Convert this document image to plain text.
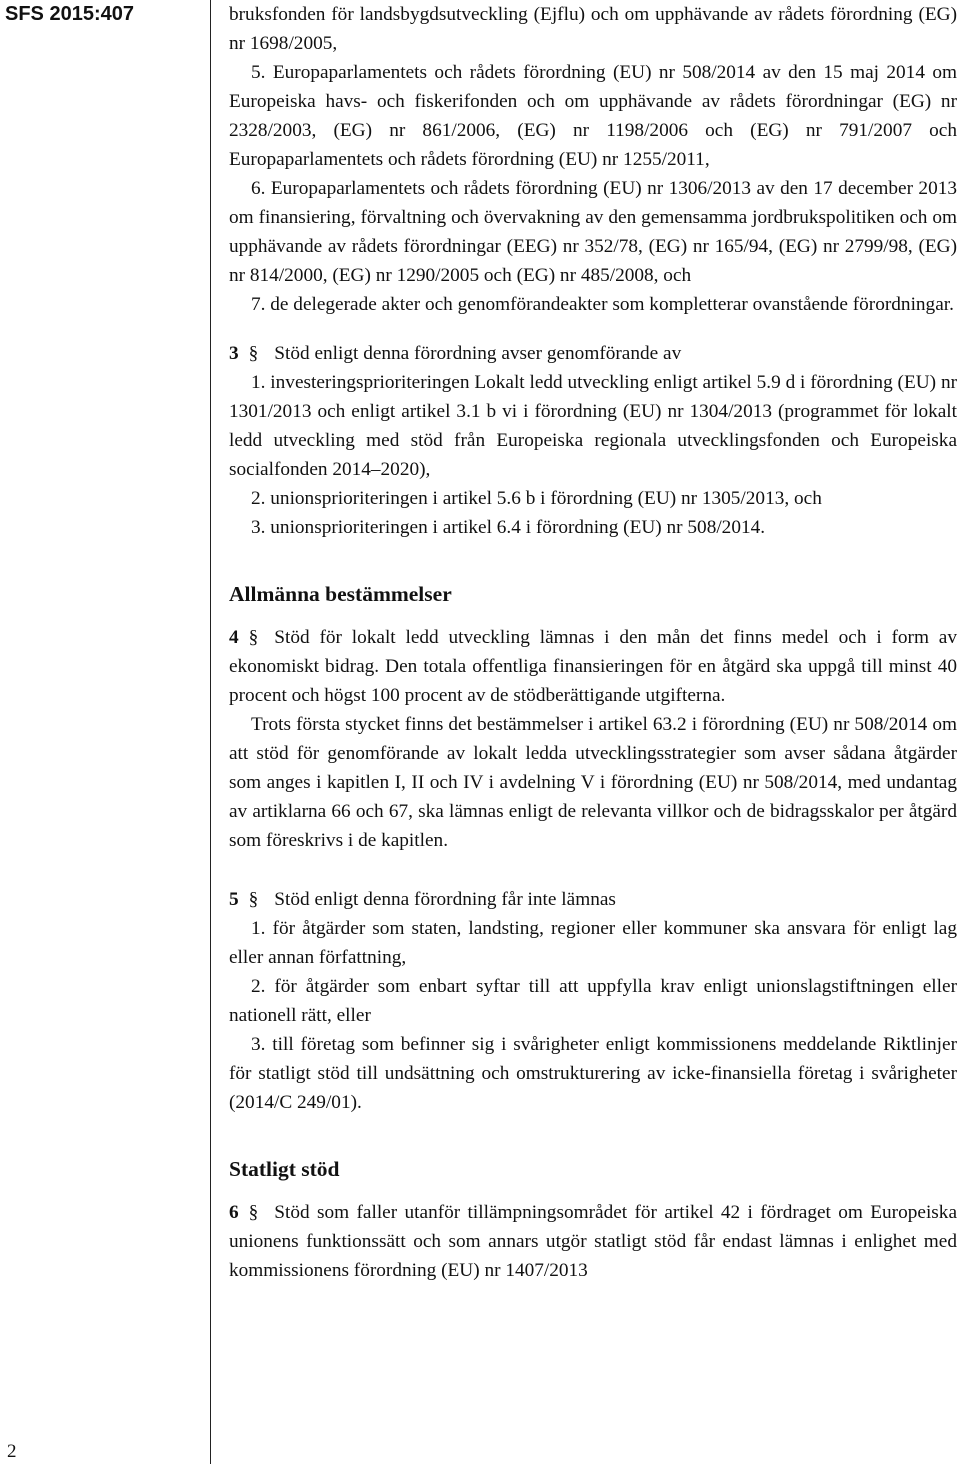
SFS 2015:407
2

bruksfonden för landsbygdsutveckling (Ejflu) och om upphävande av rådets förordning (EG) nr 1698/2005,

5. Europaparlamentets och rådets förordning (EU) nr 508/2014 av den 15 maj 2014 om Europeiska havs- och fiskerifonden och om upphävande av rådets förordningar (EG) nr 2328/2003, (EG) nr 861/2006, (EG) nr 1198/2006 och (EG) nr 791/2007 och Europaparlamentets och rådets förordning (EU) nr 1255/2011,

6. Europaparlamentets och rådets förordning (EU) nr 1306/2013 av den 17 december 2013 om finansiering, förvaltning och övervakning av den gemensamma jordbrukspolitiken och om upphävande av rådets förordningar (EEG) nr 352/78, (EG) nr 165/94, (EG) nr 2799/98, (EG) nr 814/2000, (EG) nr 1290/2005 och (EG) nr 485/2008, och

7. de delegerade akter och genomförandeakter som kompletterar ovanstående förordningar.

3 § Stöd enligt denna förordning avser genomförande av

1. investeringsprioriteringen Lokalt ledd utveckling enligt artikel 5.9 d i förordning (EU) nr 1301/2013 och enligt artikel 3.1 b vi i förordning (EU) nr 1304/2013 (programmet för lokalt ledd utveckling med stöd från Europeiska regionala utvecklingsfonden och Europeiska socialfonden 2014–2020),

2. unionsprioriteringen i artikel 5.6 b i förordning (EU) nr 1305/2013, och

3. unionsprioriteringen i artikel 6.4 i förordning (EU) nr 508/2014.

Allmänna bestämmelser

4 § Stöd för lokalt ledd utveckling lämnas i den mån det finns medel och i form av ekonomiskt bidrag. Den totala offentliga finansieringen för en åtgärd ska uppgå till minst 40 procent och högst 100 procent av de stödberättigande utgifterna.

Trots första stycket finns det bestämmelser i artikel 63.2 i förordning (EU) nr 508/2014 om att stöd för genomförande av lokalt ledda utvecklingsstrategier som avser sådana åtgärder som anges i kapitlen I, II och IV i avdelning V i förordning (EU) nr 508/2014, med undantag av artiklarna 66 och 67, ska lämnas enligt de relevanta villkor och de bidragsskalor per åtgärd som föreskrivs i de kapitlen.

5 § Stöd enligt denna förordning får inte lämnas

1. för åtgärder som staten, landsting, regioner eller kommuner ska ansvara för enligt lag eller annan författning,

2. för åtgärder som enbart syftar till att uppfylla krav enligt unionslagstiftningen eller nationell rätt, eller

3. till företag som befinner sig i svårigheter enligt kommissionens meddelande Riktlinjer för statligt stöd till undsättning och omstrukturering av icke-finansiella företag i svårigheter (2014/C 249/01).

Statligt stöd

6 § Stöd som faller utanför tillämpningsområdet för artikel 42 i fördraget om Europeiska unionens funktionssätt och som annars utgör statligt stöd får endast lämnas i enlighet med kommissionens förordning (EU) nr 1407/2013
